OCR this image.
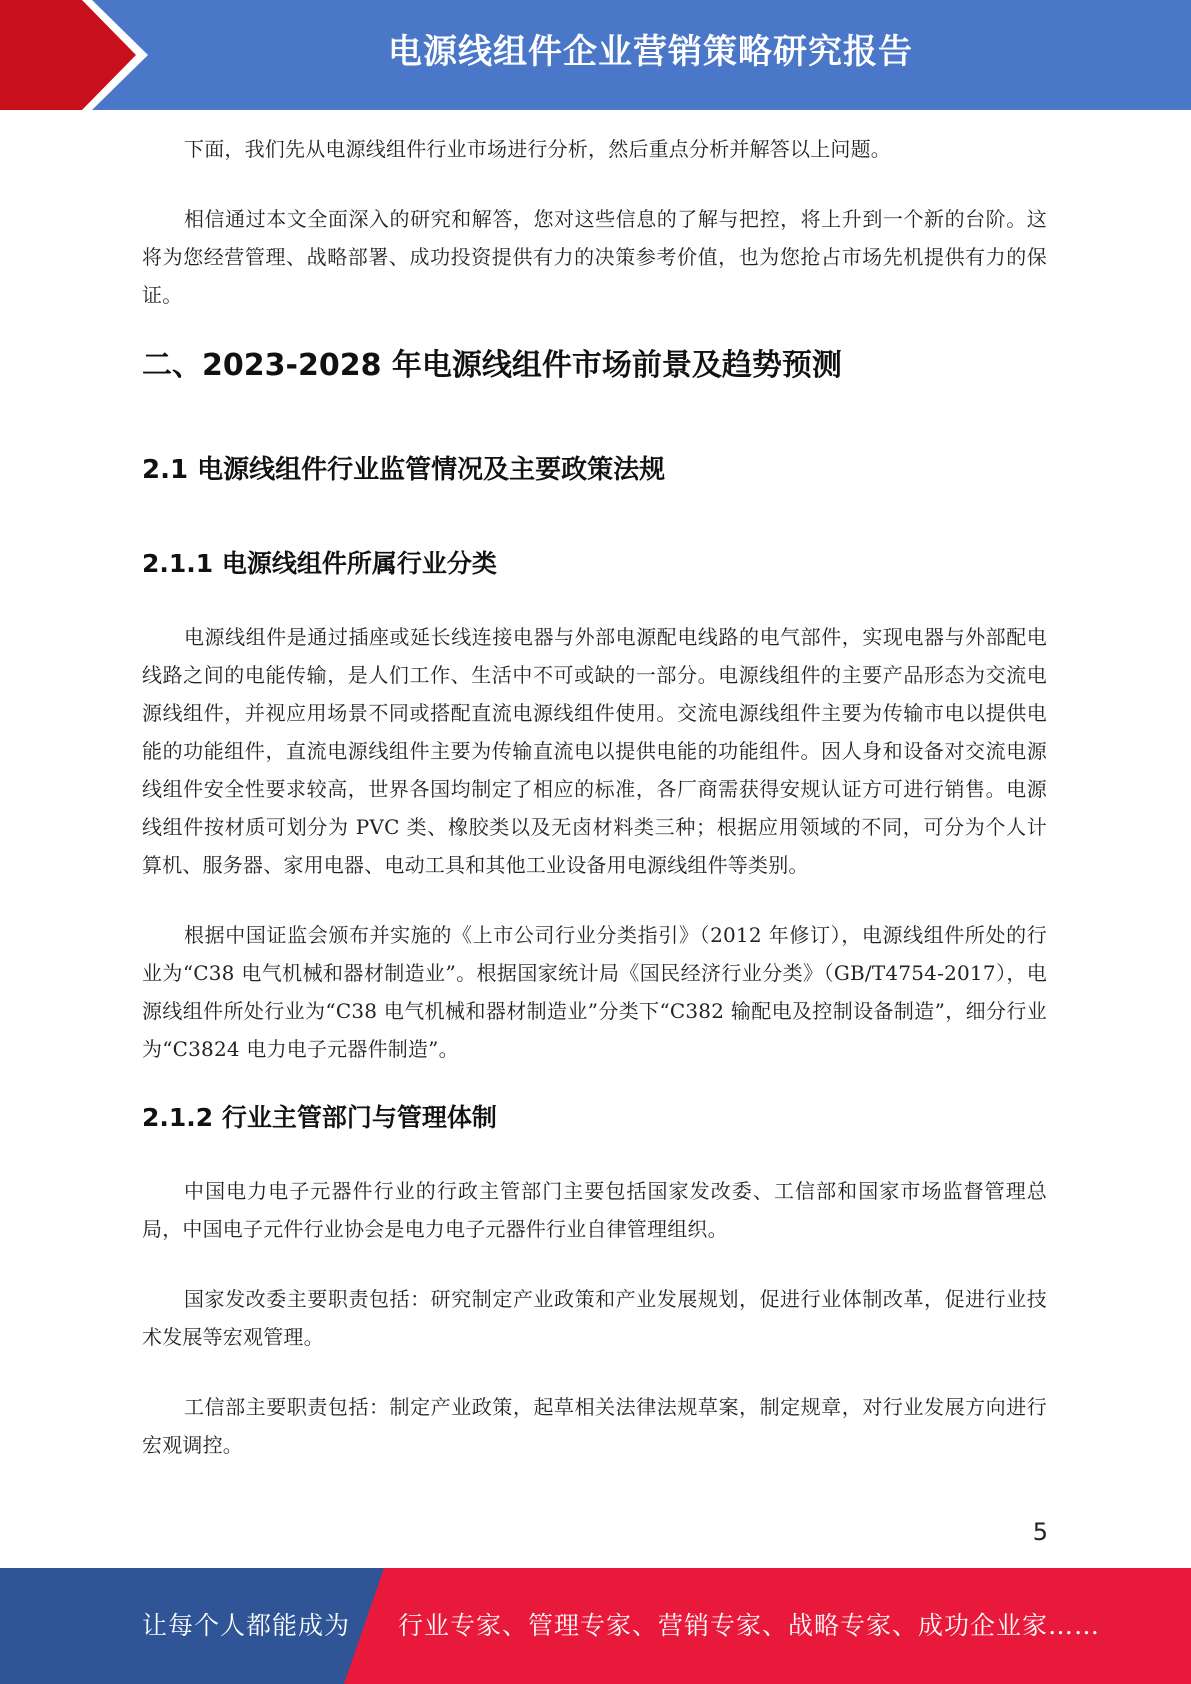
电源线组件企业营销策略研究报告

下面，我们先从电源线组件行业市场进行分析，然后重点分析并解答以上问题。

相信通过本文全面深入的研究和解答，您对这些信息的了解与把控，将上升到一个新的台阶。这将为您经营管理、战略部署、成功投资提供有力的决策参考价值，也为您抢占市场先机提供有力的保证。

二、2023-2028 年电源线组件市场前景及趋势预测
2.1 电源线组件行业监管情况及主要政策法规
2.1.1 电源线组件所属行业分类

电源线组件是通过插座或延长线连接电器与外部电源配电线路的电气部件，实现电器与外部配电线路之间的电能传输，是人们工作、生活中不可或缺的一部分。电源线组件的主要产品形态为交流电源线组件，并视应用场景不同或搭配直流电源线组件使用。交流电源线组件主要为传输市电以提供电能的功能组件，直流电源线组件主要为传输直流电以提供电能的功能组件。因人身和设备对交流电源线组件安全性要求较高，世界各国均制定了相应的标准，各厂商需获得安规认证方可进行销售。电源线组件按材质可划分为 PVC 类、橡胶类以及无卤材料类三种；根据应用领域的不同，可分为个人计算机、服务器、家用电器、电动工具和其他工业设备用电源线组件等类别。

根据中国证监会颁布并实施的《上市公司行业分类指引》（2012 年修订），电源线组件所处的行业为“C38 电气机械和器材制造业”。根据国家统计局《国民经济行业分类》（GB/T4754-2017），电源线组件所处行业为“C38 电气机械和器材制造业”分类下“C382 输配电及控制设备制造”，细分行业为“C3824 电力电子元器件制造”。

2.1.2 行业主管部门与管理体制

中国电力电子元器件行业的行政主管部门主要包括国家发改委、工信部和国家市场监督管理总局，中国电子元件行业协会是电力电子元器件行业自律管理组织。

国家发改委主要职责包括：研究制定产业政策和产业发展规划，促进行业体制改革，促进行业技术发展等宏观管理。

工信部主要职责包括：制定产业政策，起草相关法律法规草案，制定规章，对行业发展方向进行宏观调控。

5
让每个人都能成为 行业专家、管理专家、营销专家、战略专家、成功企业家……
